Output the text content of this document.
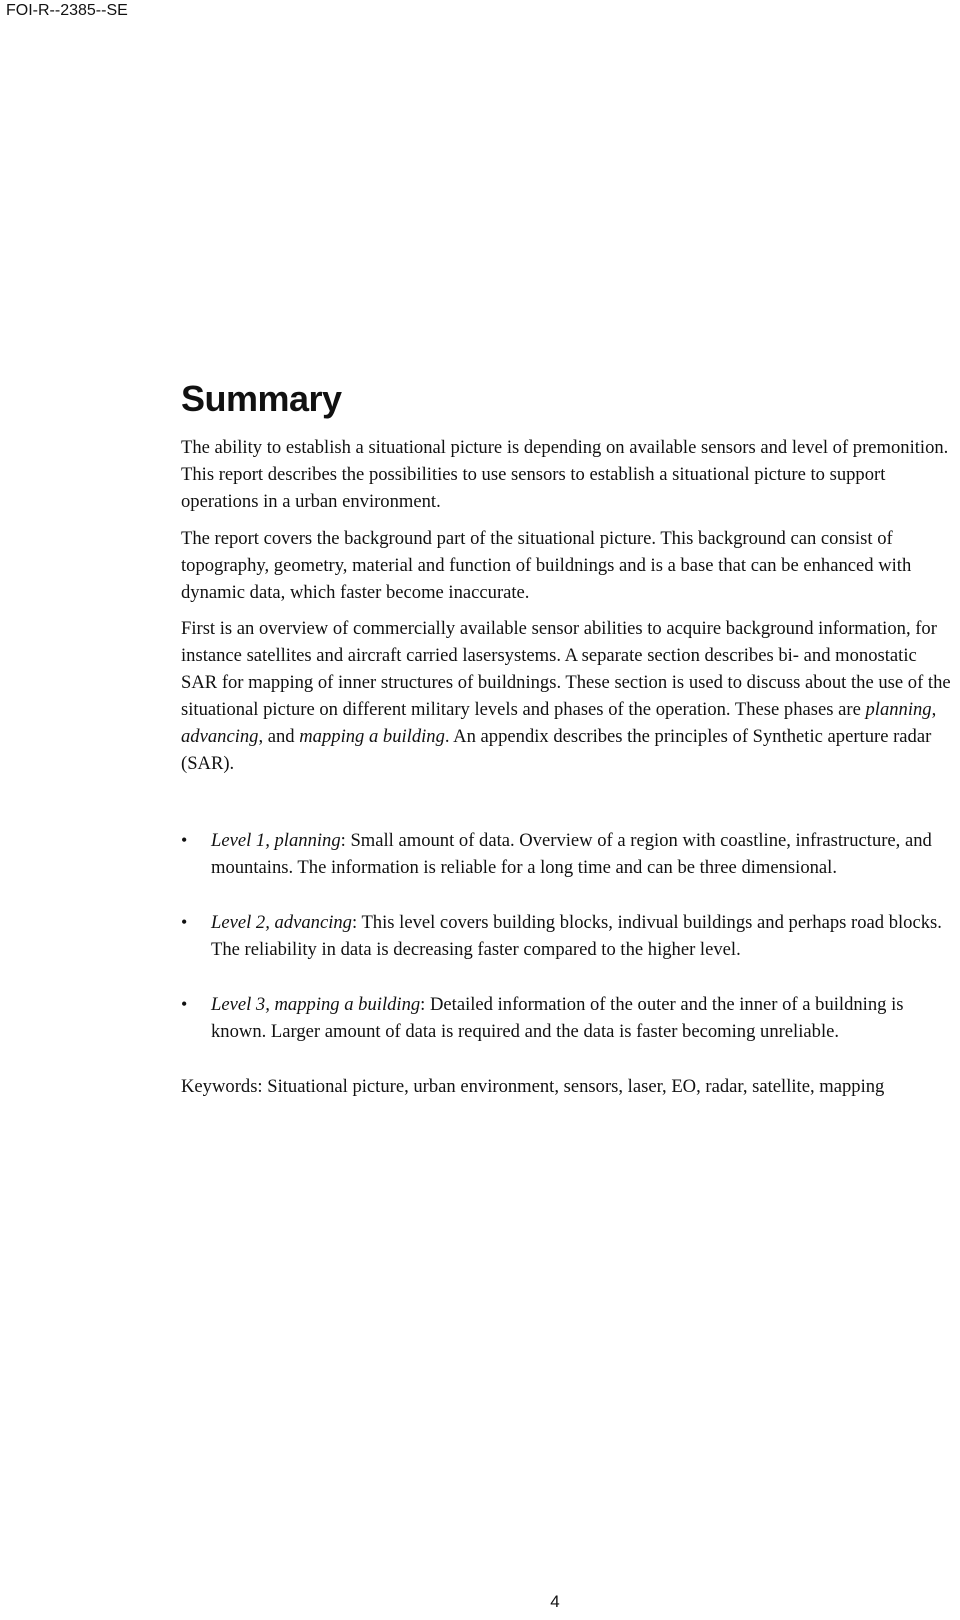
FOI-R--2385--SE

Summary

The ability to establish a situational picture is depending on available sensors and level of premonition. This report describes the possibilities to use sensors to establish a situational picture to support operations in a urban environment.

The report covers the background part of the situational picture. This background can consist of topography, geometry, material and function of buildnings and is a base that can be enhanced with dynamic data, which faster become inaccurate.

First is an overview of commercially available sensor abilities to acquire background information, for instance satellites and aircraft carried lasersystems. A separate section describes bi- and monostatic SAR for mapping of inner structures of buildnings. These section is used to discuss about the use of the situational picture on different military levels and phases of the operation. These phases are planning, advancing, and mapping a building. An appendix describes the principles of Synthetic aperture radar (SAR).

• Level 1, planning: Small amount of data. Overview of a region with coastline, infrastructure, and mountains. The information is reliable for a long time and can be three dimensional.
• Level 2, advancing: This level covers building blocks, indivual buildings and perhaps road blocks. The reliability in data is decreasing faster compared to the higher level.
• Level 3, mapping a building: Detailed information of the outer and the inner of a buildning is known. Larger amount of data is required and the data is faster becoming unreliable.

Keywords: Situational picture, urban environment, sensors, laser, EO, radar, satellite, mapping

4
